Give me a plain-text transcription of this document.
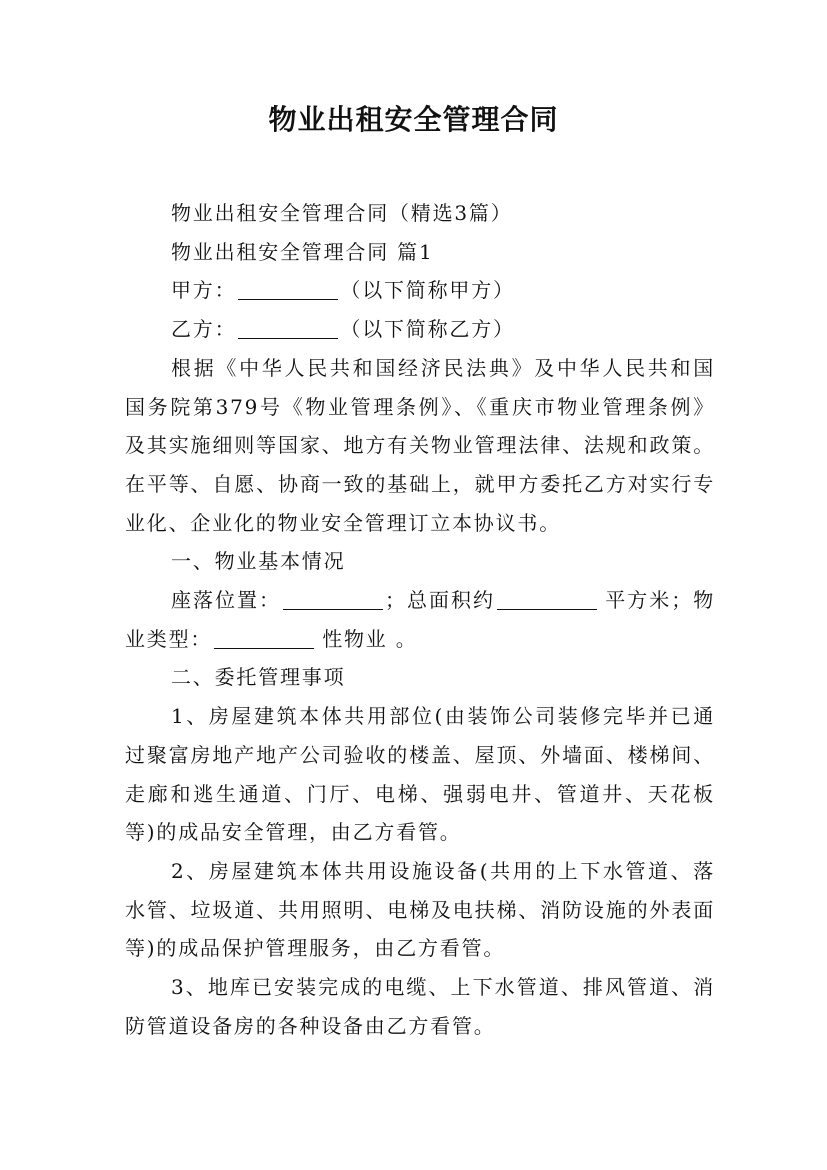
物业出租安全管理合同

物业出租安全管理合同（精选3篇）

物业出租安全管理合同 篇1

甲方：	（以下简称甲方）

乙方：	（以下简称乙方）

根据《中华人民共和国经济民法典》及中华人民共和国国务院第379号《物业管理条例》、《重庆市物业管理条例》及其实施细则等国家、地方有关物业管理法律、法规和政策。在平等、自愿、协商一致的基础上，就甲方委托乙方对实行专业化、企业化的物业安全管理订立本协议书。

一、物业基本情况

座落位置：	；总面积约	平方米；物业类型：	性物业 。

二、委托管理事项

1、房屋建筑本体共用部位(由装饰公司装修完毕并已通过聚富房地产地产公司验收的楼盖、屋顶、外墙面、楼梯间、走廊和逃生通道、门厅、电梯、强弱电井、管道井、天花板等)的成品安全管理，由乙方看管。

2、房屋建筑本体共用设施设备(共用的上下水管道、落水管、垃圾道、共用照明、电梯及电扶梯、消防设施的外表面等)的成品保护管理服务，由乙方看管。

3、地库已安装完成的电缆、上下水管道、排风管道、消防管道设备房的各种设备由乙方看管。
